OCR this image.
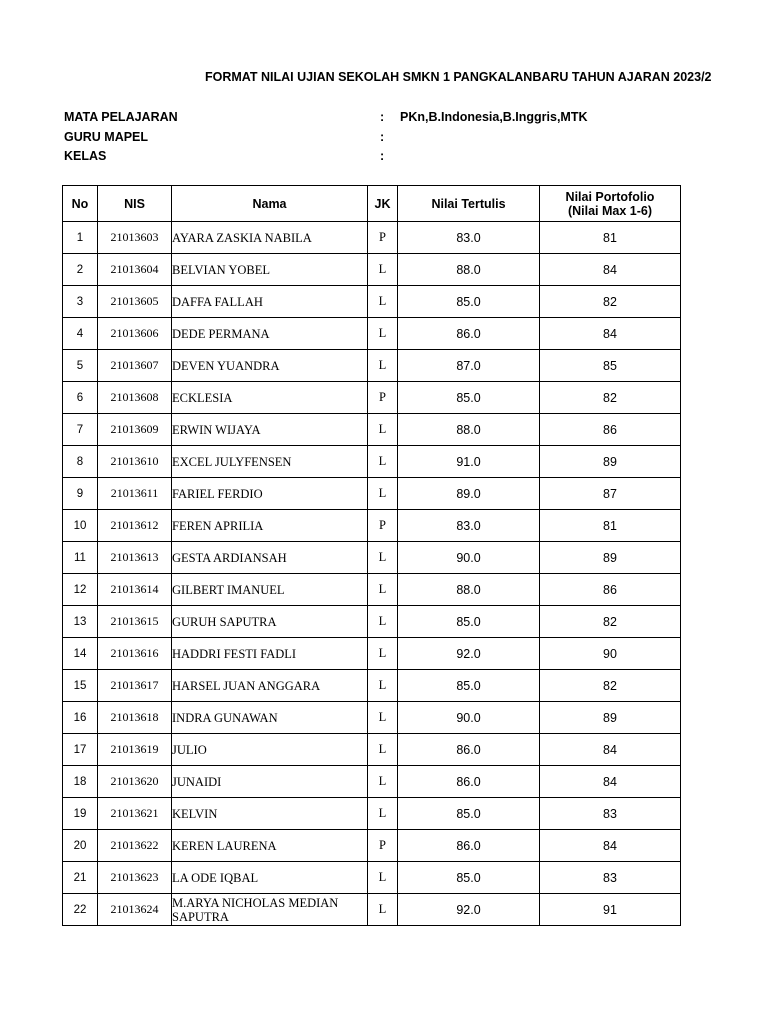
FORMAT NILAI UJIAN SEKOLAH SMKN 1 PANGKALANBARU TAHUN AJARAN 2023/2
MATA PELAJARAN	: PKn,B.Indonesia,B.Inggris,MTK
GURU MAPEL	:
KELAS	:
No	NIS	Nama	JK	Nilai Tertulis	Nilai Portofolio
(Nilai Max 1-6)

1	21013603	AYARA ZASKIA NABILA	P	83.0	81
2	21013604	BELVIAN YOBEL	L	88.0	84
3	21013605	DAFFA FALLAH	L	85.0	82
4	21013606	DEDE PERMANA	L	86.0	84
5	21013607	DEVEN YUANDRA	L	87.0	85
6	21013608	ECKLESIA	P	85.0	82
7	21013609	ERWIN WIJAYA	L	88.0	86
8	21013610	EXCEL JULYFENSEN	L	91.0	89
9	21013611	FARIEL FERDIO	L	89.0	87
10	21013612	FEREN APRILIA	P	83.0	81
11	21013613	GESTA ARDIANSAH	L	90.0	89
12	21013614	GILBERT IMANUEL	L	88.0	86
13	21013615	GURUH SAPUTRA	L	85.0	82
14	21013616	HADDRI FESTI FADLI	L	92.0	90
15	21013617	HARSEL JUAN ANGGARA	L	85.0	82
16	21013618	INDRA GUNAWAN	L	90.0	89
17	21013619	JULIO	L	86.0	84
18	21013620	JUNAIDI	L	86.0	84
19	21013621	KELVIN	L	85.0	83
20	21013622	KEREN LAURENA	P	86.0	84
21	21013623	LA ODE IQBAL	L	85.0	83
22	21013624	M.ARYA NICHOLAS MEDIAN SAPUTRA	L	92.0	91
